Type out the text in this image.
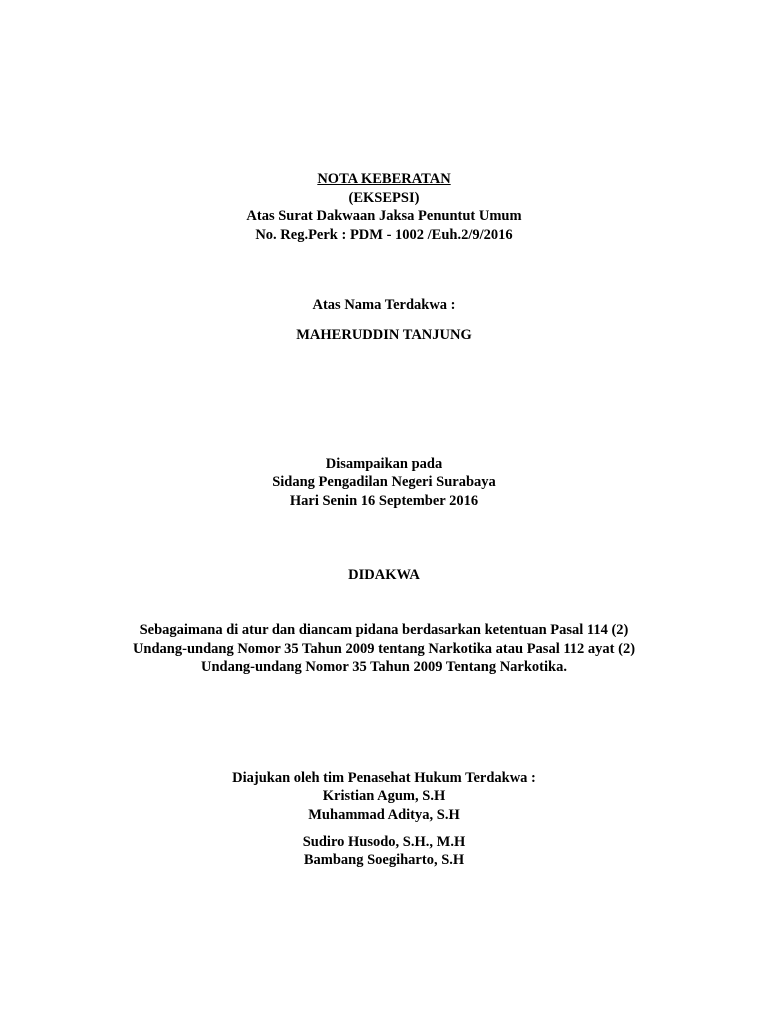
NOTA KEBERATAN
(EKSEPSI)
Atas Surat Dakwaan Jaksa Penuntut Umum
No. Reg.Perk : PDM - 1002 /Euh.2/9/2016
Atas Nama Terdakwa :
MAHERUDDIN TANJUNG
Disampaikan pada
Sidang Pengadilan Negeri Surabaya
Hari Senin 16 September 2016
DIDAKWA
Sebagaimana di atur dan diancam pidana berdasarkan ketentuan Pasal 114 (2)
Undang-undang Nomor 35 Tahun 2009 tentang Narkotika atau Pasal 112 ayat (2)
Undang-undang Nomor 35 Tahun 2009 Tentang Narkotika.
Diajukan oleh tim Penasehat Hukum Terdakwa :
Kristian Agum, S.H
Muhammad Aditya, S.H
Sudiro Husodo, S.H., M.H
Bambang Soegiharto, S.H
